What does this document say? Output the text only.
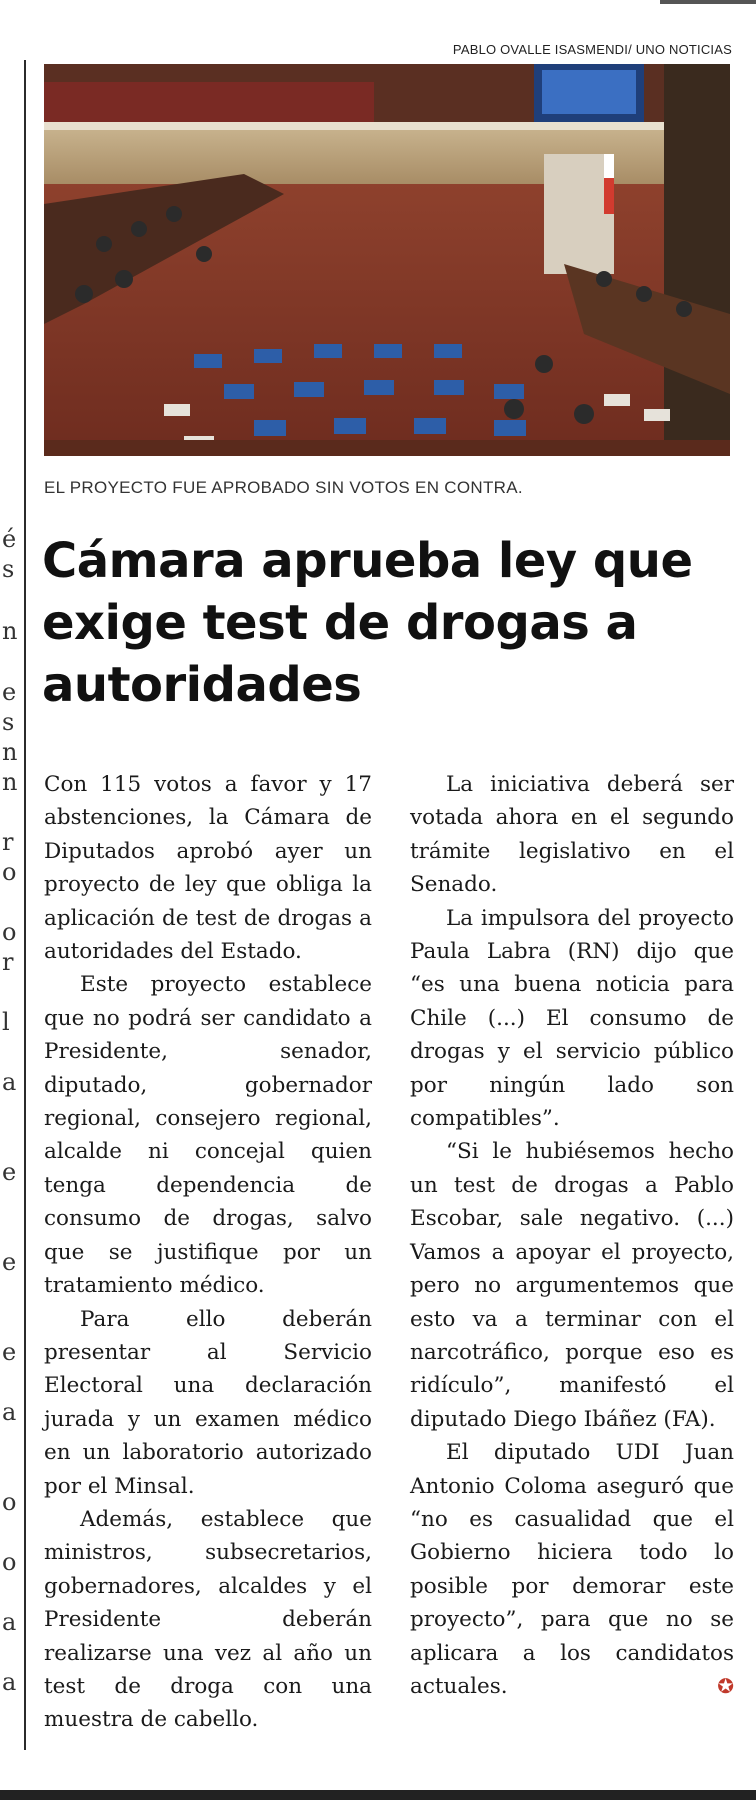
é
s
n
e
s
n
n
r
o
o
r
l
a
e
e
e
a
o
o
a
a
PABLO OVALLE ISASMENDI/ UNO NOTICIAS
EL PROYECTO FUE APROBADO SIN VOTOS EN CONTRA.
Cámara aprueba ley que exige test de drogas a autoridades

Con 115 votos a favor y 17 abstenciones, la Cámara de Diputados aprobó ayer un proyecto de ley que obliga la aplicación de test de drogas a autoridades del Estado.

Este proyecto establece que no podrá ser candidato a Presidente, senador, diputado, gobernador regional, consejero regional, alcalde ni concejal quien tenga dependencia de consumo de drogas, salvo que se justifique por un tratamiento médico.

Para ello deberán presentar al Servicio Electoral una declaración jurada y un examen médico en un laboratorio autorizado por el Minsal.

Además, establece que ministros, subsecretarios, gobernadores, alcaldes y el Presidente deberán realizarse una vez al año un test de droga con una muestra de cabello.

La iniciativa deberá ser votada ahora en el segundo trámite legislativo en el Senado.

La impulsora del proyecto Paula Labra (RN) dijo que “es una buena noticia para Chile (...) El consumo de drogas y el servicio público por ningún lado son compatibles”.

“Si le hubiésemos hecho un test de drogas a Pablo Escobar, sale negativo. (...) Vamos a apoyar el proyecto, pero no argumentemos que esto va a terminar con el narcotráfico, porque eso es ridículo”, manifestó el diputado Diego Ibáñez (FA).

El diputado UDI Juan Antonio Coloma aseguró que “no es casualidad que el Gobierno hiciera todo lo posible por demorar este proyecto”, para que no se aplicara a los candidatos actuales.	✪
